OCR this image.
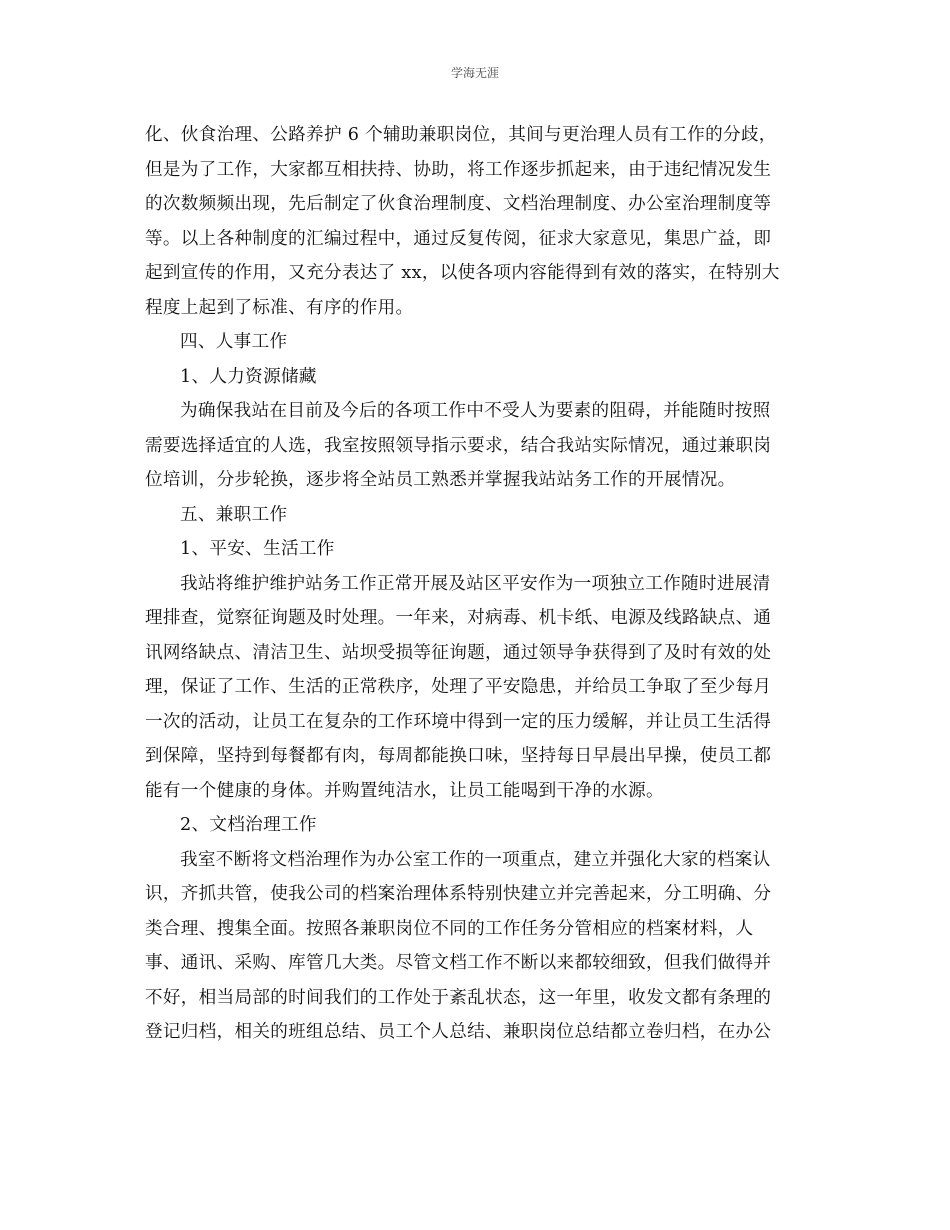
学海无涯
化、伙食治理、公路养护 6 个辅助兼职岗位，其间与更治理人员有工作的分歧，
但是为了工作，大家都互相扶持、协助，将工作逐步抓起来，由于违纪情况发生
的次数频频出现，先后制定了伙食治理制度、文档治理制度、办公室治理制度等
等。以上各种制度的汇编过程中，通过反复传阅，征求大家意见，集思广益，即
起到宣传的作用，又充分表达了 xx，以使各项内容能得到有效的落实，在特别大
程度上起到了标准、有序的作用。
四、人事工作
1、人力资源储藏
为确保我站在目前及今后的各项工作中不受人为要素的阻碍，并能随时按照
需要选择适宜的人选，我室按照领导指示要求，结合我站实际情况，通过兼职岗
位培训，分步轮换，逐步将全站员工熟悉并掌握我站站务工作的开展情况。
五、兼职工作
1、平安、生活工作
我站将维护维护站务工作正常开展及站区平安作为一项独立工作随时进展清
理排查，觉察征询题及时处理。一年来，对病毒、机卡纸、电源及线路缺点、通
讯网络缺点、清洁卫生、站坝受损等征询题，通过领导争获得到了及时有效的处
理，保证了工作、生活的正常秩序，处理了平安隐患，并给员工争取了至少每月
一次的活动，让员工在复杂的工作环境中得到一定的压力缓解，并让员工生活得
到保障，坚持到每餐都有肉，每周都能换口味，坚持每日早晨出早操，使员工都
能有一个健康的身体。并购置纯洁水，让员工能喝到干净的水源。
2、文档治理工作
我室不断将文档治理作为办公室工作的一项重点，建立并强化大家的档案认
识，齐抓共管，使我公司的档案治理体系特别快建立并完善起来，分工明确、分
类合理、搜集全面。按照各兼职岗位不同的工作任务分管相应的档案材料，人
事、通讯、采购、库管几大类。尽管文档工作不断以来都较细致，但我们做得并
不好，相当局部的时间我们的工作处于紊乱状态，这一年里，收发文都有条理的
登记归档，相关的班组总结、员工个人总结、兼职岗位总结都立卷归档，在办公
